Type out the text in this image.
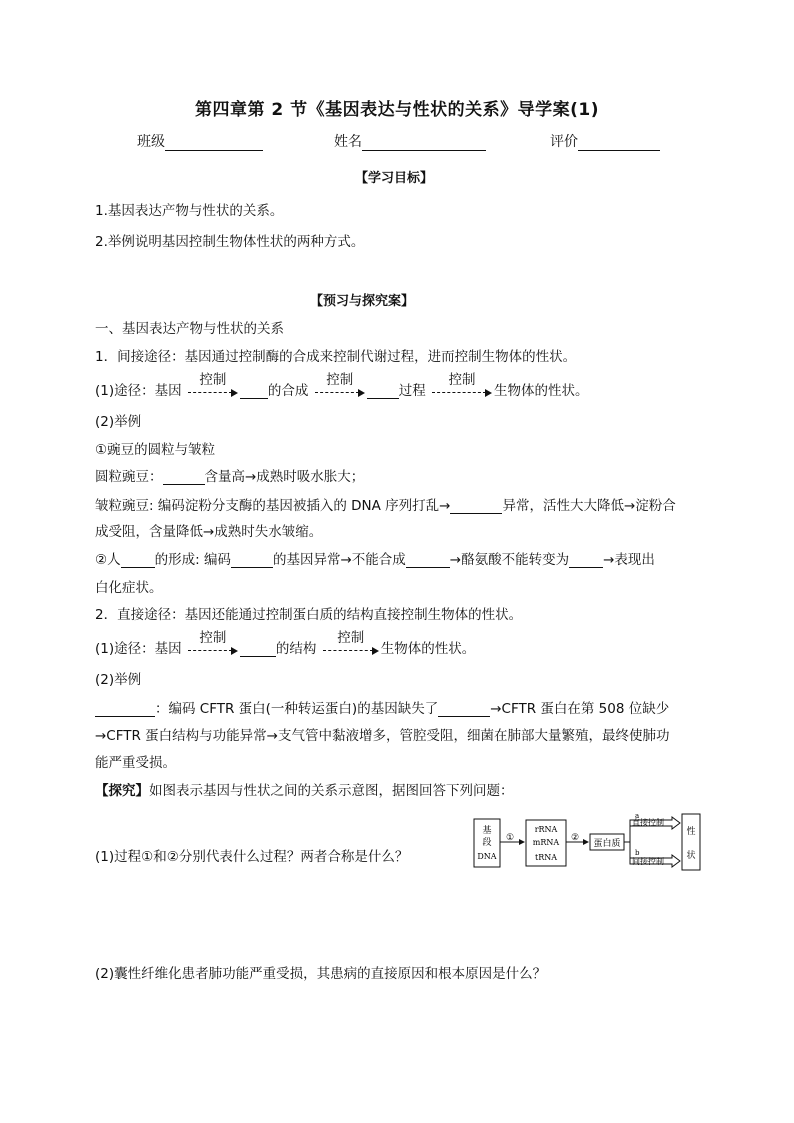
第四章第 2 节《基因表达与性状的关系》导学案(1)
班级	姓名	评价
【学习目标】
1.基因表达产物与性状的关系。
2.举例说明基因控制生物体性状的两种方式。
【预习与探究案】
一、基因表达产物与性状的关系
1．间接途径：基因通过控制酶的合成来控制代谢过程，进而控制生物体的性状。
(1)途径：基因
控制
的合成
控制
过程
控制
生物体的性状。
(2)举例
①豌豆的圆粒与皱粒
圆粒豌豆：	含量高→成熟时吸水胀大；
皱粒豌豆: 编码淀粉分支酶的基因被插入的 DNA 序列打乱→	异常，活性大大降低→淀粉合
成受阻，含量降低→成熟时失水皱缩。
②人	的形成: 编码	的基因异常→不能合成	→酪氨酸不能转变为	→表现出
白化症状。
2．直接途径：基因还能通过控制蛋白质的结构直接控制生物体的性状。
(1)途径：基因
控制
的结构
控制
生物体的性状。
(2)举例
：编码 CFTR 蛋白(一种转运蛋白)的基因缺失了	→CFTR 蛋白在第 508 位缺少
→CFTR 蛋白结构与功能异常→支气管中黏液增多，管腔受阻，细菌在肺部大量繁殖，最终使肺功
能严重受损。
【探究】如图表示基因与性状之间的关系示意图，据图回答下列问题：
(1)过程①和②分别代表什么过程？两者合称是什么？
(2)囊性纤维化患者肺功能严重受损，其患病的直接原因和根本原因是什么？
基
段
DNA
①
rRNA
mRNA
tRNA
②
蛋白质
a
直接控制
b
间接控制
性
状
